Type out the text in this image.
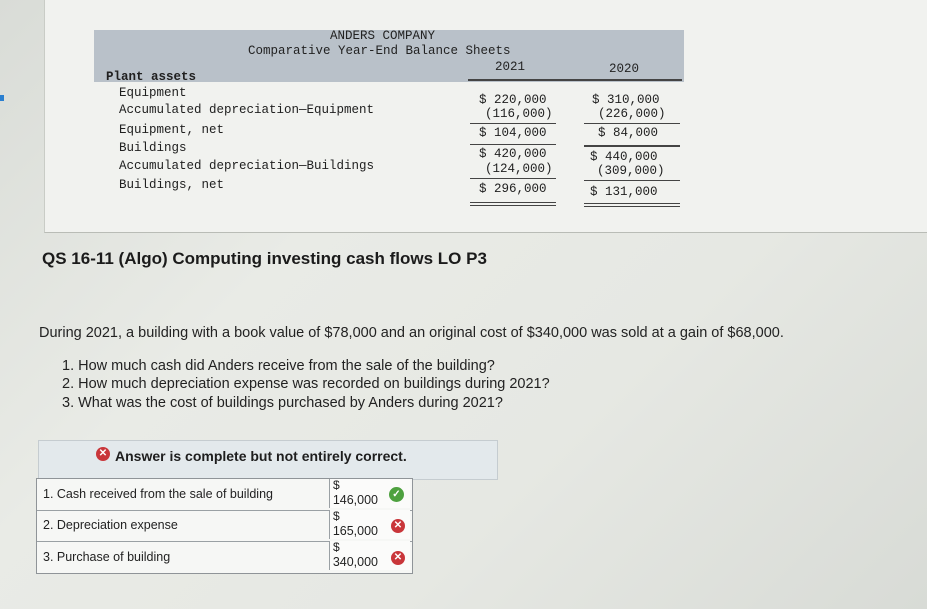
ANDERS COMPANY
Comparative Year-End Balance Sheets
2021	2020
Plant assets
Equipment
Accumulated depreciation—Equipment
Equipment, net
Buildings
Accumulated depreciation—Buildings
Buildings, net
$ 220,000
(116,000)
$ 104,000
$ 420,000
(124,000)
$ 296,000
$ 310,000
(226,000)
$ 84,000
$ 440,000
(309,000)
$ 131,000
QS 16-11 (Algo) Computing investing cash flows LO P3
During 2021, a building with a book value of $78,000 and an original cost of $340,000 was sold at a gain of $68,000.
1. How much cash did Anders receive from the sale of the building?
2. How much depreciation expense was recorded on buildings during 2021?
3. What was the cost of buildings purchased by Anders during 2021?
✕ Answer is complete but not entirely correct.
1. Cash received from the sale of building
$
146,000	✓
2. Depreciation expense
$
165,000 ✕
3. Purchase of building
$
340,000 ✕
